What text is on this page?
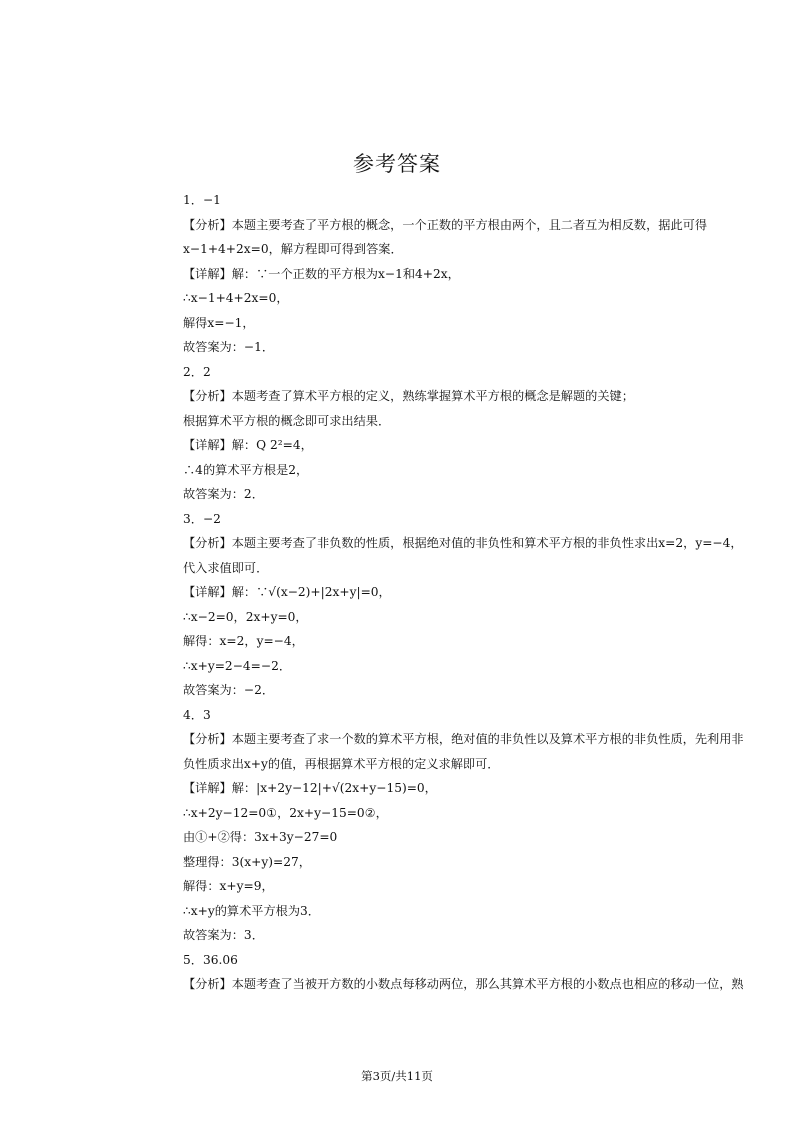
参考答案
1．−1
【分析】本题主要考查了平方根的概念，一个正数的平方根由两个，且二者互为相反数，据此可得
x−1+4+2x=0，解方程即可得到答案．
【详解】解：∵一个正数的平方根为x−1和4+2x，
∴x−1+4+2x=0，
解得x=−1，
故答案为：−1．
2．2
【分析】本题考查了算术平方根的定义，熟练掌握算术平方根的概念是解题的关键；
根据算术平方根的概念即可求出结果．
【详解】解：Q 2²=4，
∴4的算术平方根是2，
故答案为：2．
3．−2
【分析】本题主要考查了非负数的性质，根据绝对值的非负性和算术平方根的非负性求出x=2，y=−4，
代入求值即可．
【详解】解：∵√(x−2)+|2x+y|=0，
∴x−2=0，2x+y=0，
解得：x=2，y=−4，
∴x+y=2−4=−2．
故答案为：−2．
4．3
【分析】本题主要考查了求一个数的算术平方根，绝对值的非负性以及算术平方根的非负性质，先利用非
负性质求出x+y的值，再根据算术平方根的定义求解即可．
【详解】解：|x+2y−12|+√(2x+y−15)=0，
∴x+2y−12=0①，2x+y−15=0②，
由①+②得：3x+3y−27=0
整理得：3(x+y)=27，
解得：x+y=9，
∴x+y的算术平方根为3．
故答案为：3．
5．36.06
【分析】本题考查了当被开方数的小数点每移动两位，那么其算术平方根的小数点也相应的移动一位，熟
第3页/共11页
